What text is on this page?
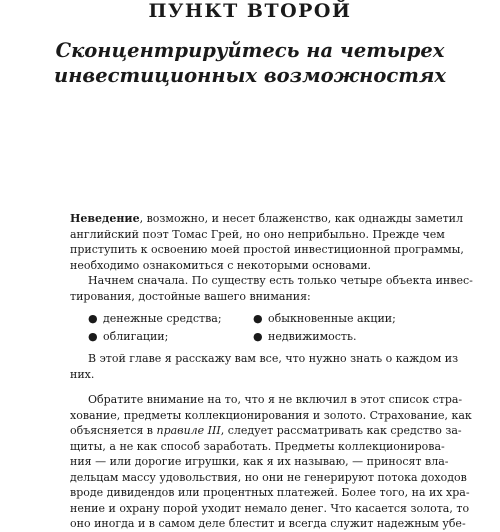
ПУНКТ ВТОРОЙ
Сконцентрируйтесь на четырех
инвестиционных возможностях

Неведение, возможно, и несет блаженство, как однажды заметил
английский поэт Томас Грей, но оно неприбыльно. Прежде чем
приступить к освоению моей простой инвестиционной программы,
необходимо ознакомиться с некоторыми основами.

Начнем сначала. По существу есть только четыре объекта инвес-
тирования, достойные вашего внимания:

● денежные средства;	● обыкновенные акции;
● облигации;	● недвижимость.

В этой главе я расскажу вам все, что нужно знать о каждом из
них.

Обратите внимание на то, что я не включил в этот список стра-
хование, предметы коллекционирования и золото. Страхование, как
объясняется в правиле III, следует рассматривать как средство за-
щиты, а не как способ заработать. Предметы коллекционирова-
ния — или дорогие игрушки, как я их называю, — приносят вла-
дельцам массу удовольствия, но они не генерируют потока доходов
вроде дивидендов или процентных платежей. Более того, на их хра-
нение и охрану порой уходит немало денег. Что касается золота, то
оно иногда и в самом деле блестит и всегда служит надежным убе-
